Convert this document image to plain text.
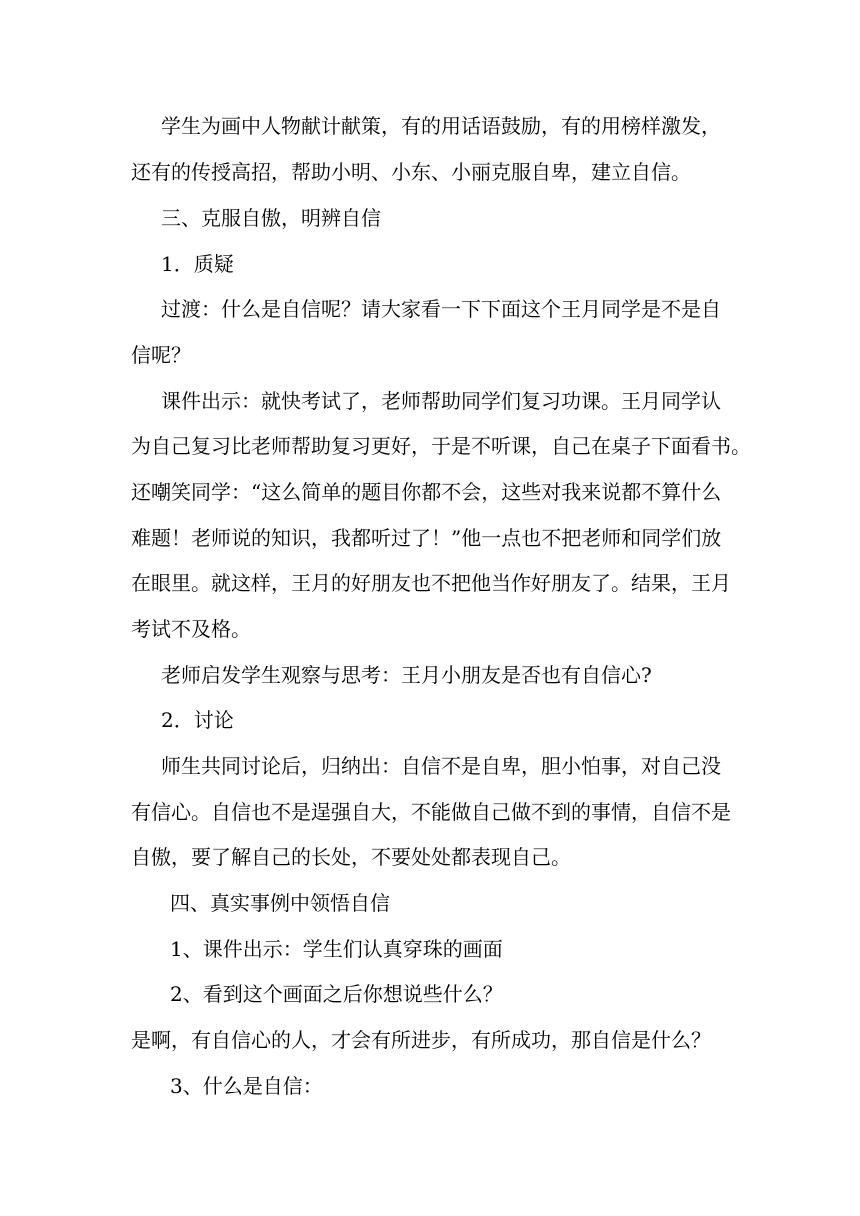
学生为画中人物献计献策，有的用话语鼓励，有的用榜样激发，
还有的传授高招，帮助小明、小东、小丽克服自卑，建立自信。
三、克服自傲，明辨自信
1．质疑
过渡：什么是自信呢？请大家看一下下面这个王月同学是不是自
信呢？
课件出示：就快考试了，老师帮助同学们复习功课。王月同学认
为自己复习比老师帮助复习更好，于是不听课，自己在桌子下面看书。
还嘲笑同学：“这么简单的题目你都不会，这些对我来说都不算什么
难题！老师说的知识，我都听过了！”他一点也不把老师和同学们放
在眼里。就这样，王月的好朋友也不把他当作好朋友了。结果，王月
考试不及格。
老师启发学生观察与思考：王月小朋友是否也有自信心?
2．讨论
师生共同讨论后，归纳出：自信不是自卑，胆小怕事，对自己没
有信心。自信也不是逞强自大，不能做自己做不到的事情，自信不是
自傲，要了解自己的长处，不要处处都表现自己。
四、真实事例中领悟自信
1、课件出示：学生们认真穿珠的画面
2、看到这个画面之后你想说些什么？
是啊，有自信心的人，才会有所进步，有所成功，那自信是什么？
3、什么是自信：
